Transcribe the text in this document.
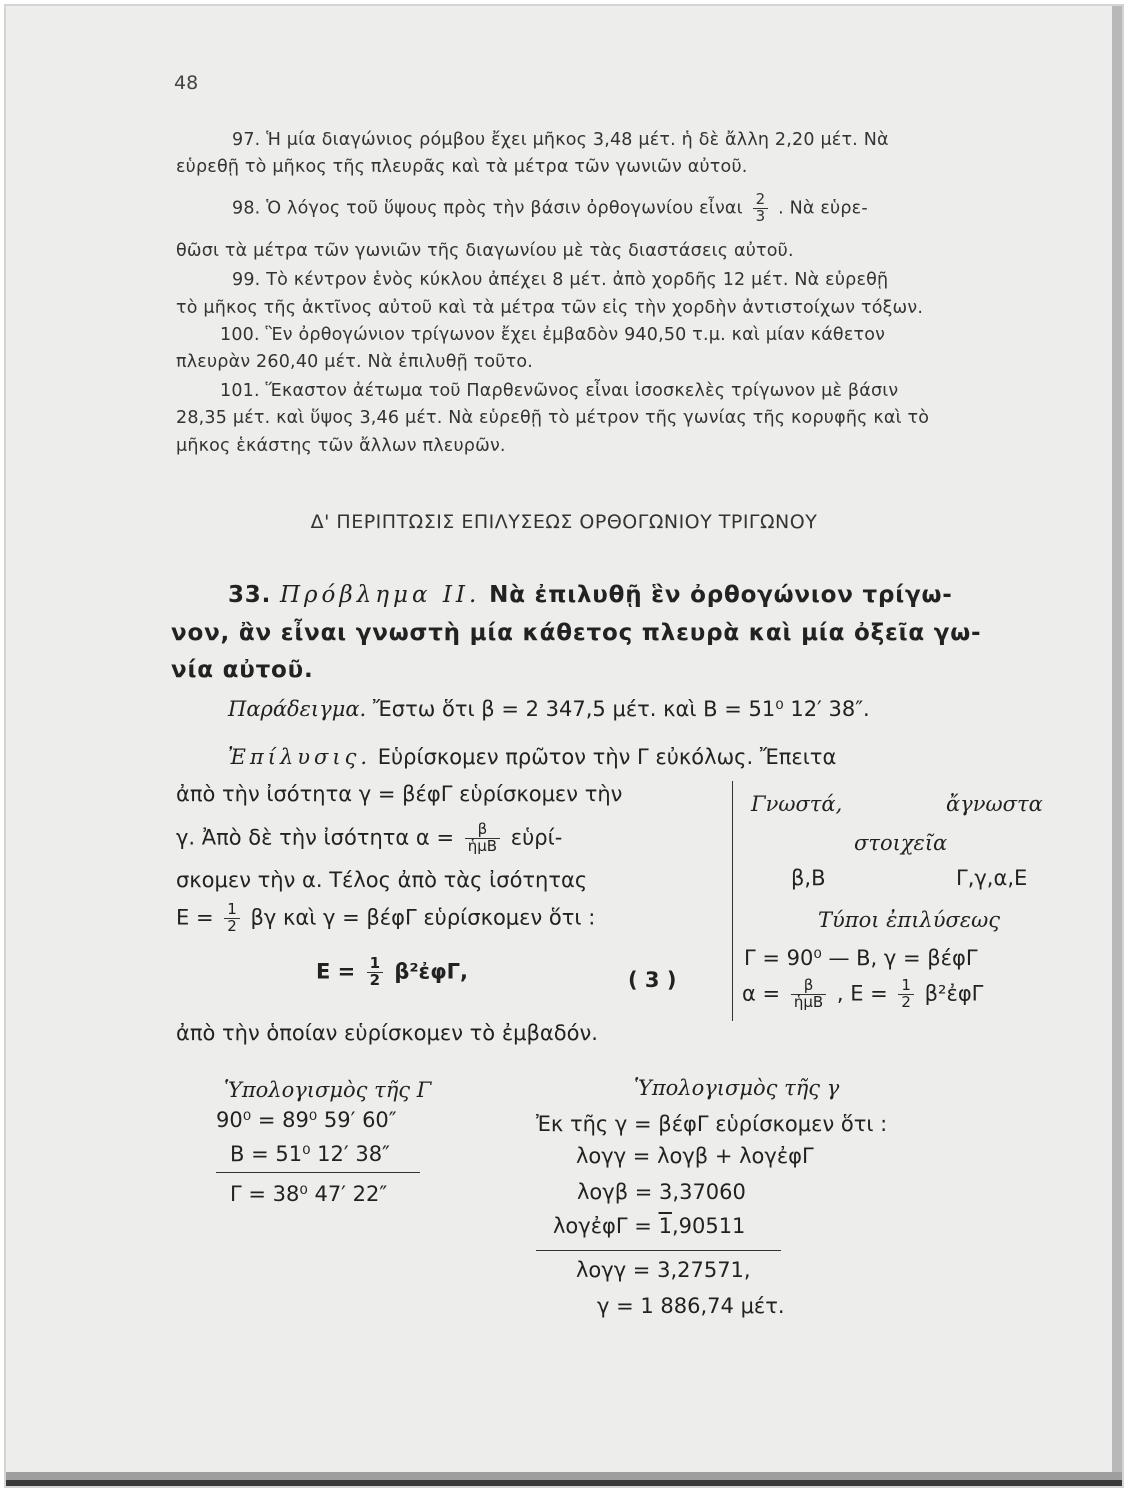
48
97. Ἡ μία διαγώνιος ρόμβου ἔχει μῆκος 3,48 μέτ. ἡ δὲ ἄλλη 2,20 μέτ. Νὰ
εὑρεθῇ τὸ μῆκος τῆς πλευρᾶς καὶ τὰ μέτρα τῶν γωνιῶν αὐτοῦ.
98. Ὁ λόγος τοῦ ὕψους πρὸς τὴν βάσιν ὀρθογωνίου εἶναι $\frac{2}{3}$ . Νὰ εὑρε-
θῶσι τὰ μέτρα τῶν γωνιῶν τῆς διαγωνίου μὲ τὰς διαστάσεις αὐτοῦ.
99. Τὸ κέντρον ἑνὸς κύκλου ἀπέχει 8 μέτ. ἀπὸ χορδῆς 12 μέτ. Νὰ εὑρεθῇ
τὸ μῆκος τῆς ἀκτῖνος αὐτοῦ καὶ τὰ μέτρα τῶν εἰς τὴν χορδὴν ἀντιστοίχων τόξων.
100. Ἓν ὀρθογώνιον τρίγωνον ἔχει ἐμβαδὸν 940,50 τ.μ. καὶ μίαν κάθετον
πλευρὰν 260,40 μέτ. Νὰ ἐπιλυθῇ τοῦτο.
101. Ἕκαστον ἀέτωμα τοῦ Παρθενῶνος εἶναι ἰσοσκελὲς τρίγωνον μὲ βάσιν
28,35 μέτ. καὶ ὕψος 3,46 μέτ. Νὰ εὑρεθῇ τὸ μέτρον τῆς γωνίας τῆς κορυφῆς καὶ τὸ
μῆκος ἑκάστης τῶν ἄλλων πλευρῶν.
Δ' ΠΕΡΙΠΤΩΣΙΣ ΕΠΙΛΥΣΕΩΣ ΟΡΘΟΓΩΝΙΟΥ ΤΡΙΓΩΝΟΥ
33. Πρόβλημα II. Νὰ ἐπιλυθῇ ἓν ὀρθογώνιον τρίγω-
νον, ἂν εἶναι γνωστὴ μία κάθετος πλευρὰ καὶ μία ὀξεῖα γω-
νία αὐτοῦ.
Παράδειγμα. Ἔστω ὅτι β = 2 347,5 μέτ. καὶ Β = 51⁰ 12′ 38″.
Ἐπίλυσις. Εὑρίσκομεν πρῶτον τὴν Γ εὐκόλως. Ἔπειτα
ἀπὸ τὴν ἰσότητα γ = βέφΓ εὑρίσκομεν τὴν
γ. Ἀπὸ δὲ τὴν ἰσότητα $\alpha = \frac{\beta}{\text{ἡμΒ}}$ εὑρί-
σκομεν τὴν α. Τέλος ἀπὸ τὰς ἰσότητας
$E = \frac{1}{2}$ βγ καὶ γ = βέφΓ εὑρίσκομεν ὅτι :
$E = \frac{1}{2}$ β²ἐφΓ,	( 3 )
ἀπὸ τὴν ὁποίαν εὑρίσκομεν τὸ ἐμβαδόν.
Γνωστά,	ἄγνωστα
στοιχεῖα
β,Β	Γ,γ,α,Ε
Τύποι ἐπιλύσεως
Γ = 90⁰ — Β, γ = βέφΓ
$\alpha = \frac{\beta}{\text{ἡμΒ}}$ , $E = \frac{1}{2}$ β²ἐφΓ
Ὑπολογισμὸς τῆς Γ
90⁰ = 89⁰ 59′ 60″
Β = 51⁰ 12′ 38″
Γ = 38⁰ 47′ 22″
Ὑπολογισμὸς τῆς γ
Ἐκ τῆς γ = βέφΓ εὑρίσκομεν ὅτι :
λογγ = λογβ + λογἐφΓ
λογβ = 3,37060
λογἐφΓ = 1,90511
λογγ = 3,27571,
γ = 1 886,74 μέτ.
